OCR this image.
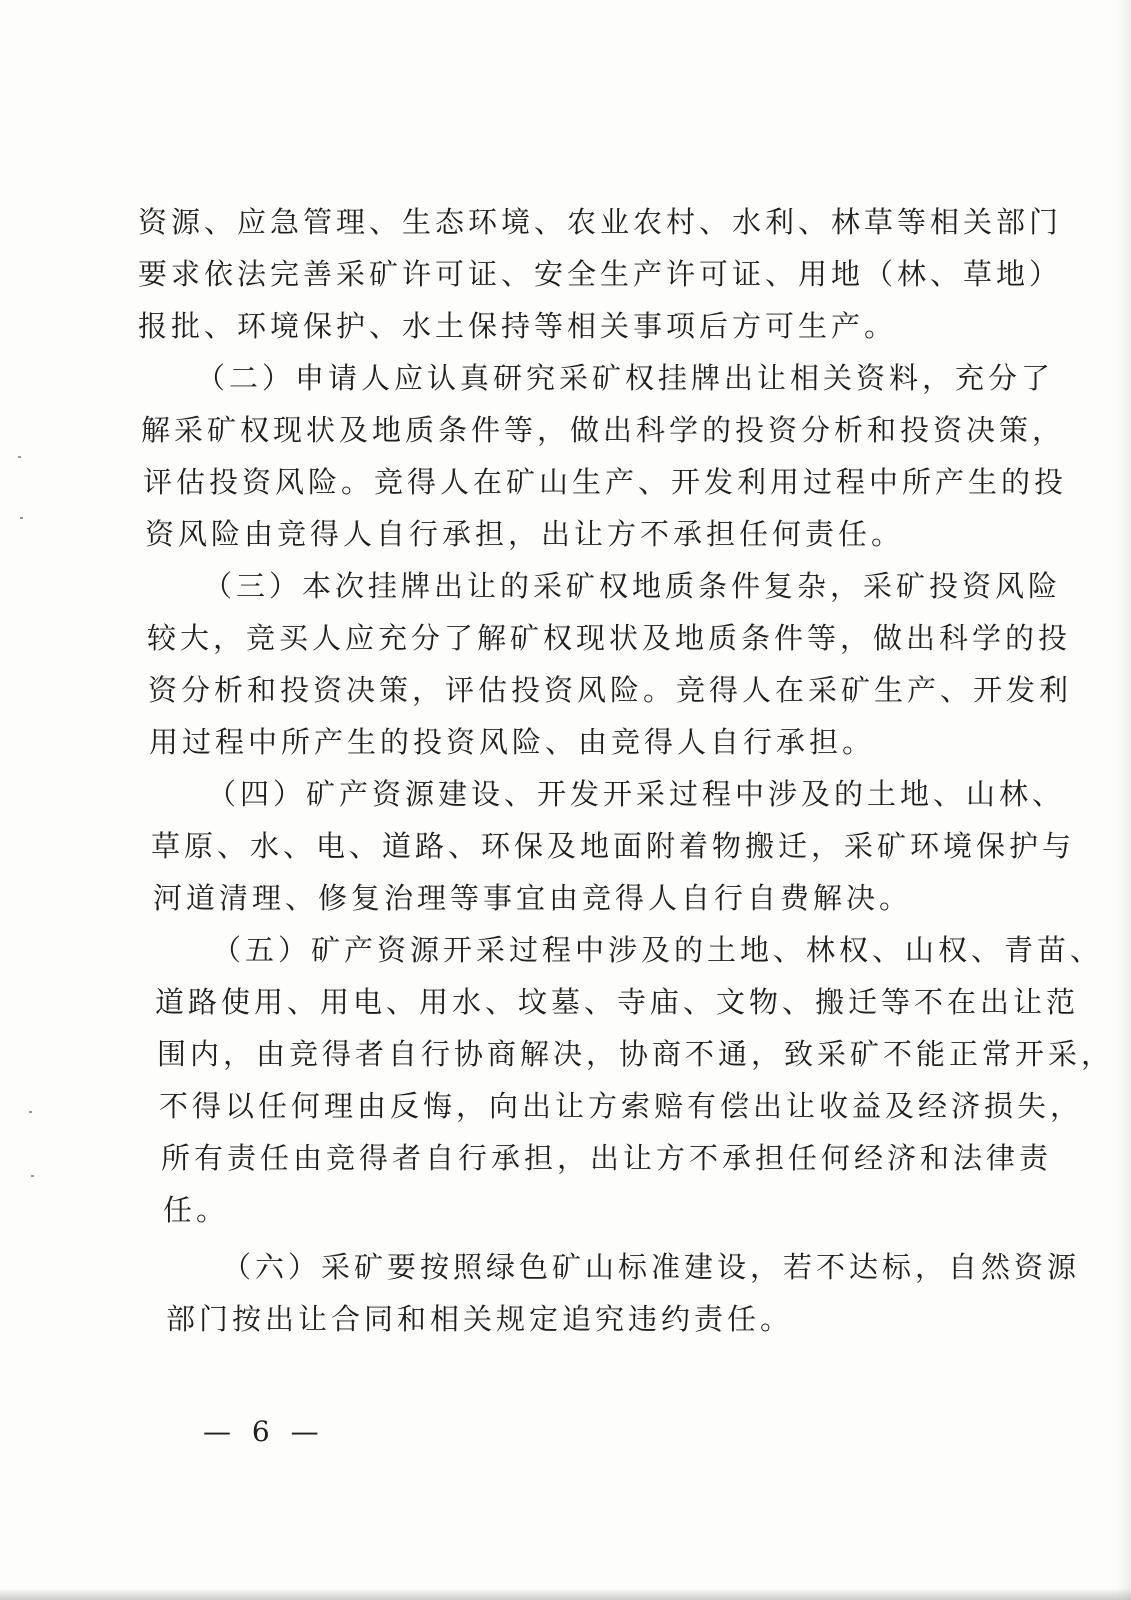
资源、应急管理、生态环境、农业农村、水利、林草等相关部门
要求依法完善采矿许可证、安全生产许可证、用地（林、草地）
报批、环境保护、水土保持等相关事项后方可生产。
（二）申请人应认真研究采矿权挂牌出让相关资料，充分了
解采矿权现状及地质条件等，做出科学的投资分析和投资决策，
评估投资风险。竞得人在矿山生产、开发利用过程中所产生的投
资风险由竞得人自行承担，出让方不承担任何责任。
（三）本次挂牌出让的采矿权地质条件复杂，采矿投资风险
较大，竞买人应充分了解矿权现状及地质条件等，做出科学的投
资分析和投资决策，评估投资风险。竞得人在采矿生产、开发利
用过程中所产生的投资风险、由竞得人自行承担。
（四）矿产资源建设、开发开采过程中涉及的土地、山林、
草原、水、电、道路、环保及地面附着物搬迁，采矿环境保护与
河道清理、修复治理等事宜由竞得人自行自费解决。
（五）矿产资源开采过程中涉及的土地、林权、山权、青苗、
道路使用、用电、用水、坟墓、寺庙、文物、搬迁等不在出让范
围内，由竞得者自行协商解决，协商不通，致采矿不能正常开采，
不得以任何理由反悔，向出让方索赔有偿出让收益及经济损失，
所有责任由竞得者自行承担，出让方不承担任何经济和法律责
任。
（六）采矿要按照绿色矿山标准建设，若不达标，自然资源
部门按出让合同和相关规定追究违约责任。
— 6 —
